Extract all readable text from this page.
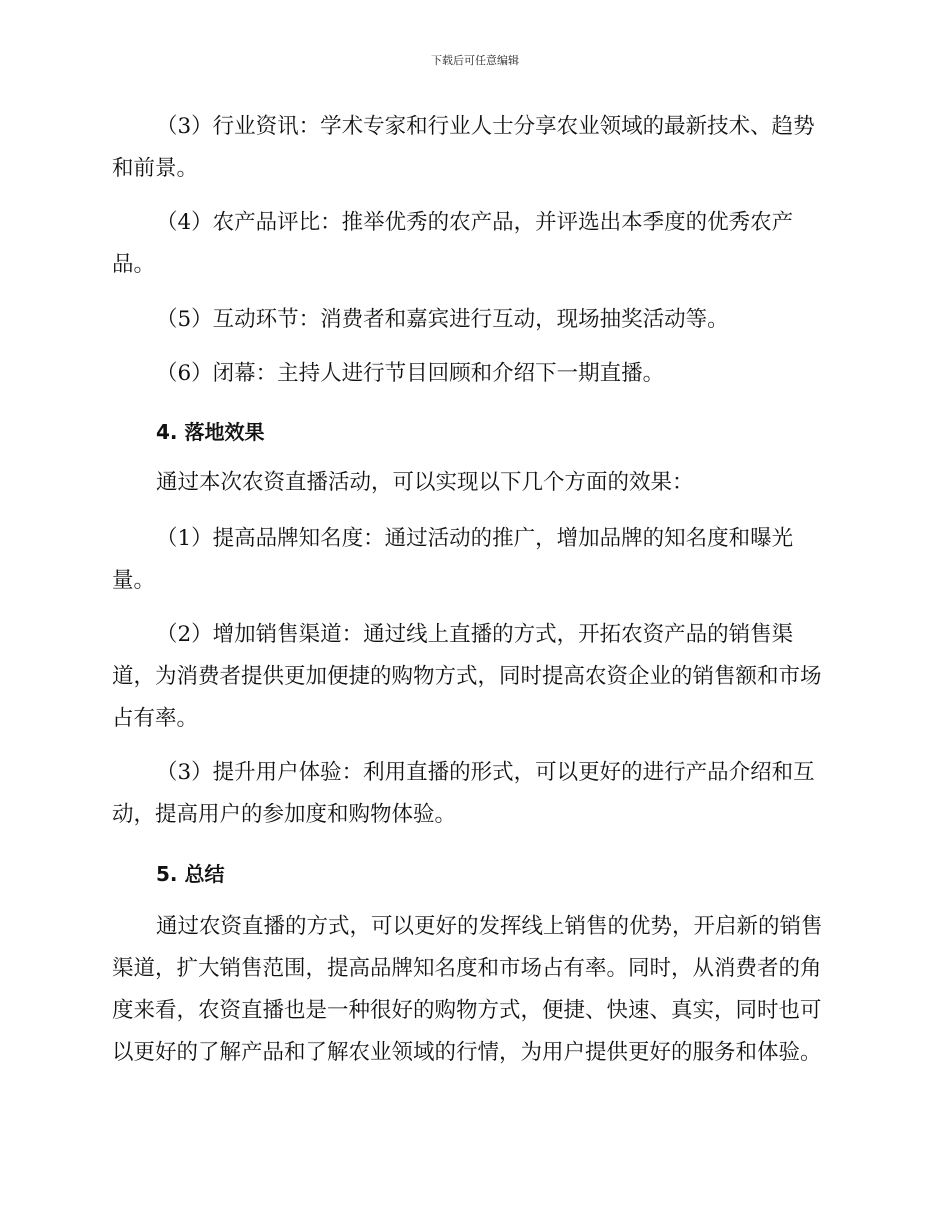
下载后可任意编辑

（3）行业资讯：学术专家和行业人士分享农业领域的最新技术、趋势和前景。

（4）农产品评比：推举优秀的农产品，并评选出本季度的优秀农产品。

（5）互动环节：消费者和嘉宾进行互动，现场抽奖活动等。

（6）闭幕：主持人进行节目回顾和介绍下一期直播。

4. 落地效果

通过本次农资直播活动，可以实现以下几个方面的效果：

（1）提高品牌知名度：通过活动的推广，增加品牌的知名度和曝光量。

（2）增加销售渠道：通过线上直播的方式，开拓农资产品的销售渠道，为消费者提供更加便捷的购物方式，同时提高农资企业的销售额和市场占有率。

（3）提升用户体验：利用直播的形式，可以更好的进行产品介绍和互动，提高用户的参加度和购物体验。

5. 总结

通过农资直播的方式，可以更好的发挥线上销售的优势，开启新的销售渠道，扩大销售范围，提高品牌知名度和市场占有率。同时，从消费者的角度来看，农资直播也是一种很好的购物方式，便捷、快速、真实，同时也可以更好的了解产品和了解农业领域的行情，为用户提供更好的服务和体验。
